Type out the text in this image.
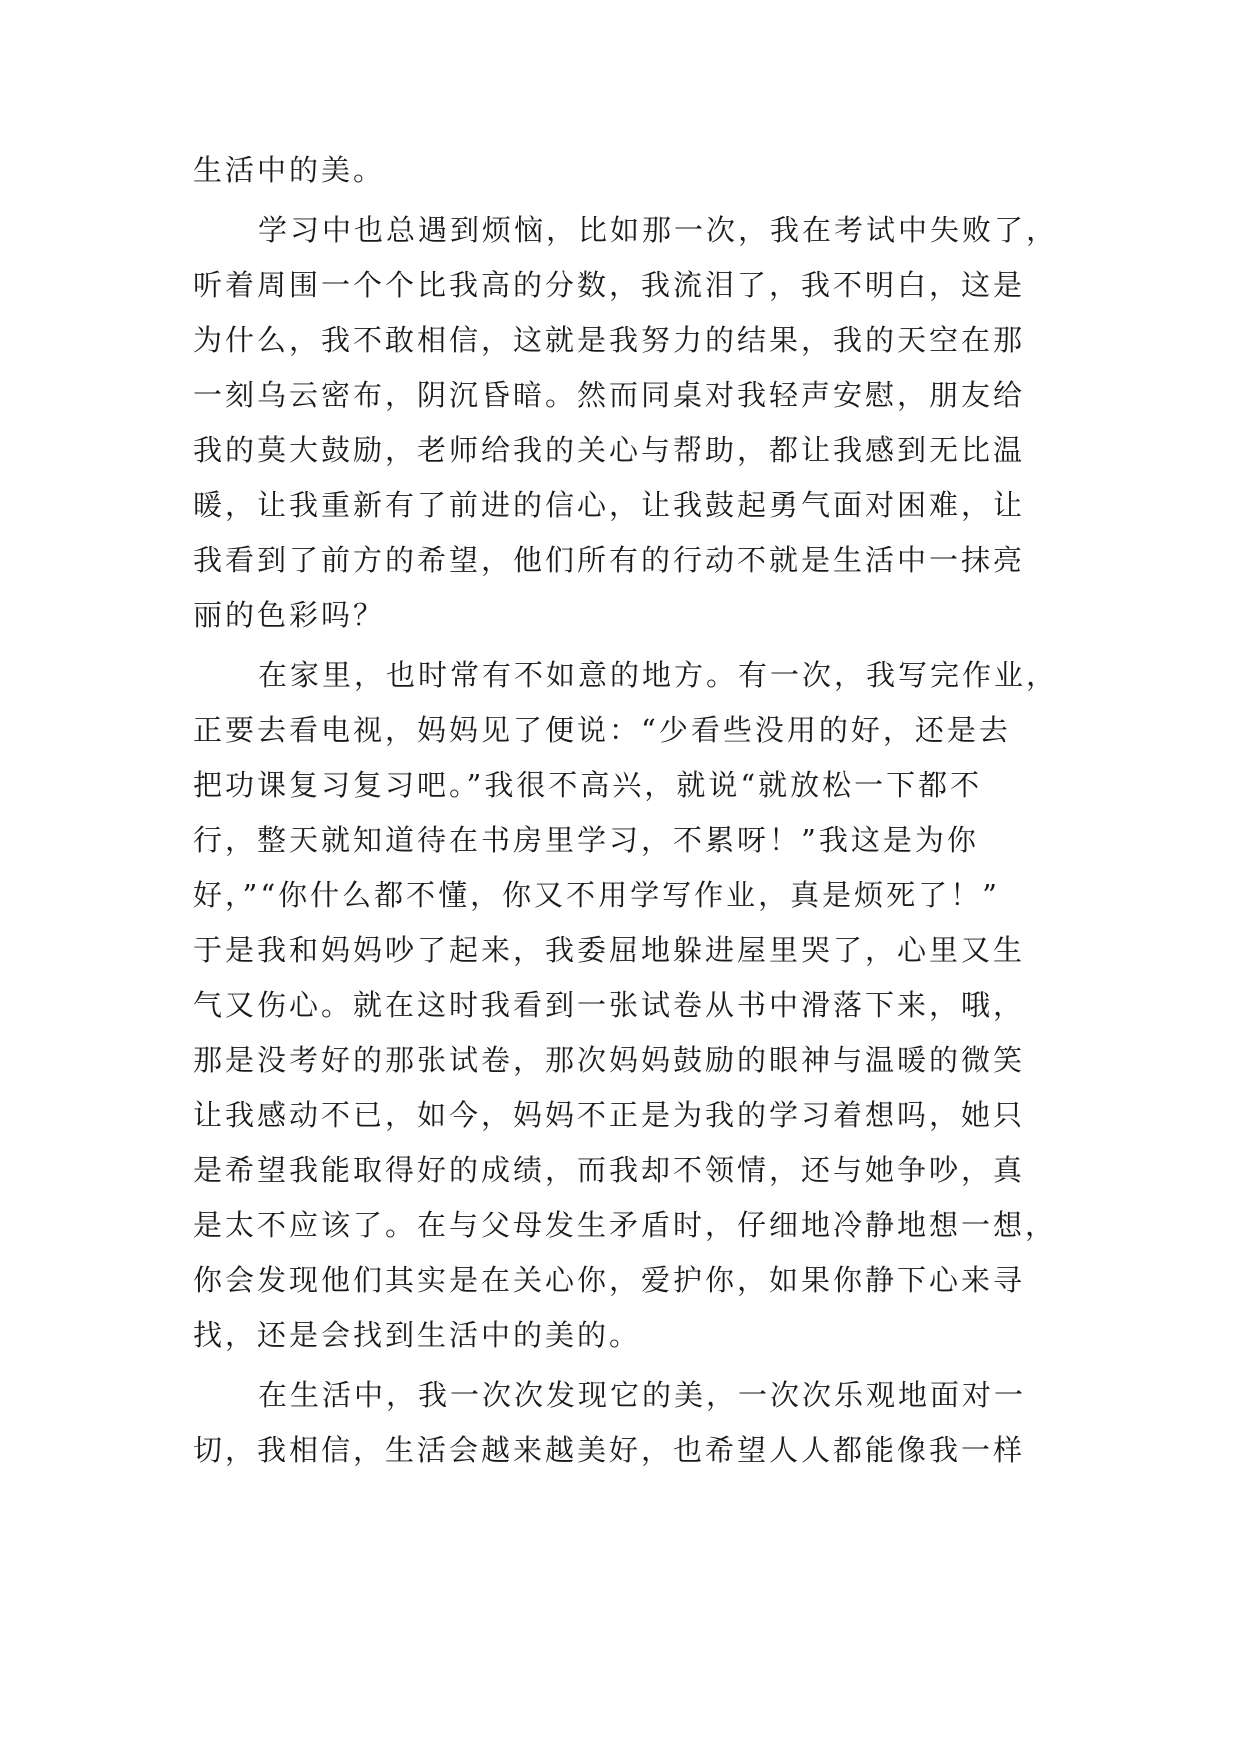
生活中的美。
学习中也总遇到烦恼，比如那一次，我在考试中失败了，
听着周围一个个比我高的分数，我流泪了，我不明白，这是
为什么，我不敢相信，这就是我努力的结果，我的天空在那
一刻乌云密布，阴沉昏暗。然而同桌对我轻声安慰，朋友给
我的莫大鼓励，老师给我的关心与帮助，都让我感到无比温
暖，让我重新有了前进的信心，让我鼓起勇气面对困难，让
我看到了前方的希望，他们所有的行动不就是生活中一抹亮
丽的色彩吗？
在家里，也时常有不如意的地方。有一次，我写完作业，
正要去看电视，妈妈见了便说：“少看些没用的好，还是去
把功课复习复习吧。”我很不高兴，就说“就放松一下都不
行，整天就知道待在书房里学习，不累呀！”我这是为你
好，”“你什么都不懂，你又不用学写作业，真是烦死了！”
于是我和妈妈吵了起来，我委屈地躲进屋里哭了，心里又生
气又伤心。就在这时我看到一张试卷从书中滑落下来，哦，
那是没考好的那张试卷，那次妈妈鼓励的眼神与温暖的微笑
让我感动不已，如今，妈妈不正是为我的学习着想吗，她只
是希望我能取得好的成绩，而我却不领情，还与她争吵，真
是太不应该了。在与父母发生矛盾时，仔细地冷静地想一想，
你会发现他们其实是在关心你，爱护你，如果你静下心来寻
找，还是会找到生活中的美的。
在生活中，我一次次发现它的美，一次次乐观地面对一
切，我相信，生活会越来越美好，也希望人人都能像我一样
